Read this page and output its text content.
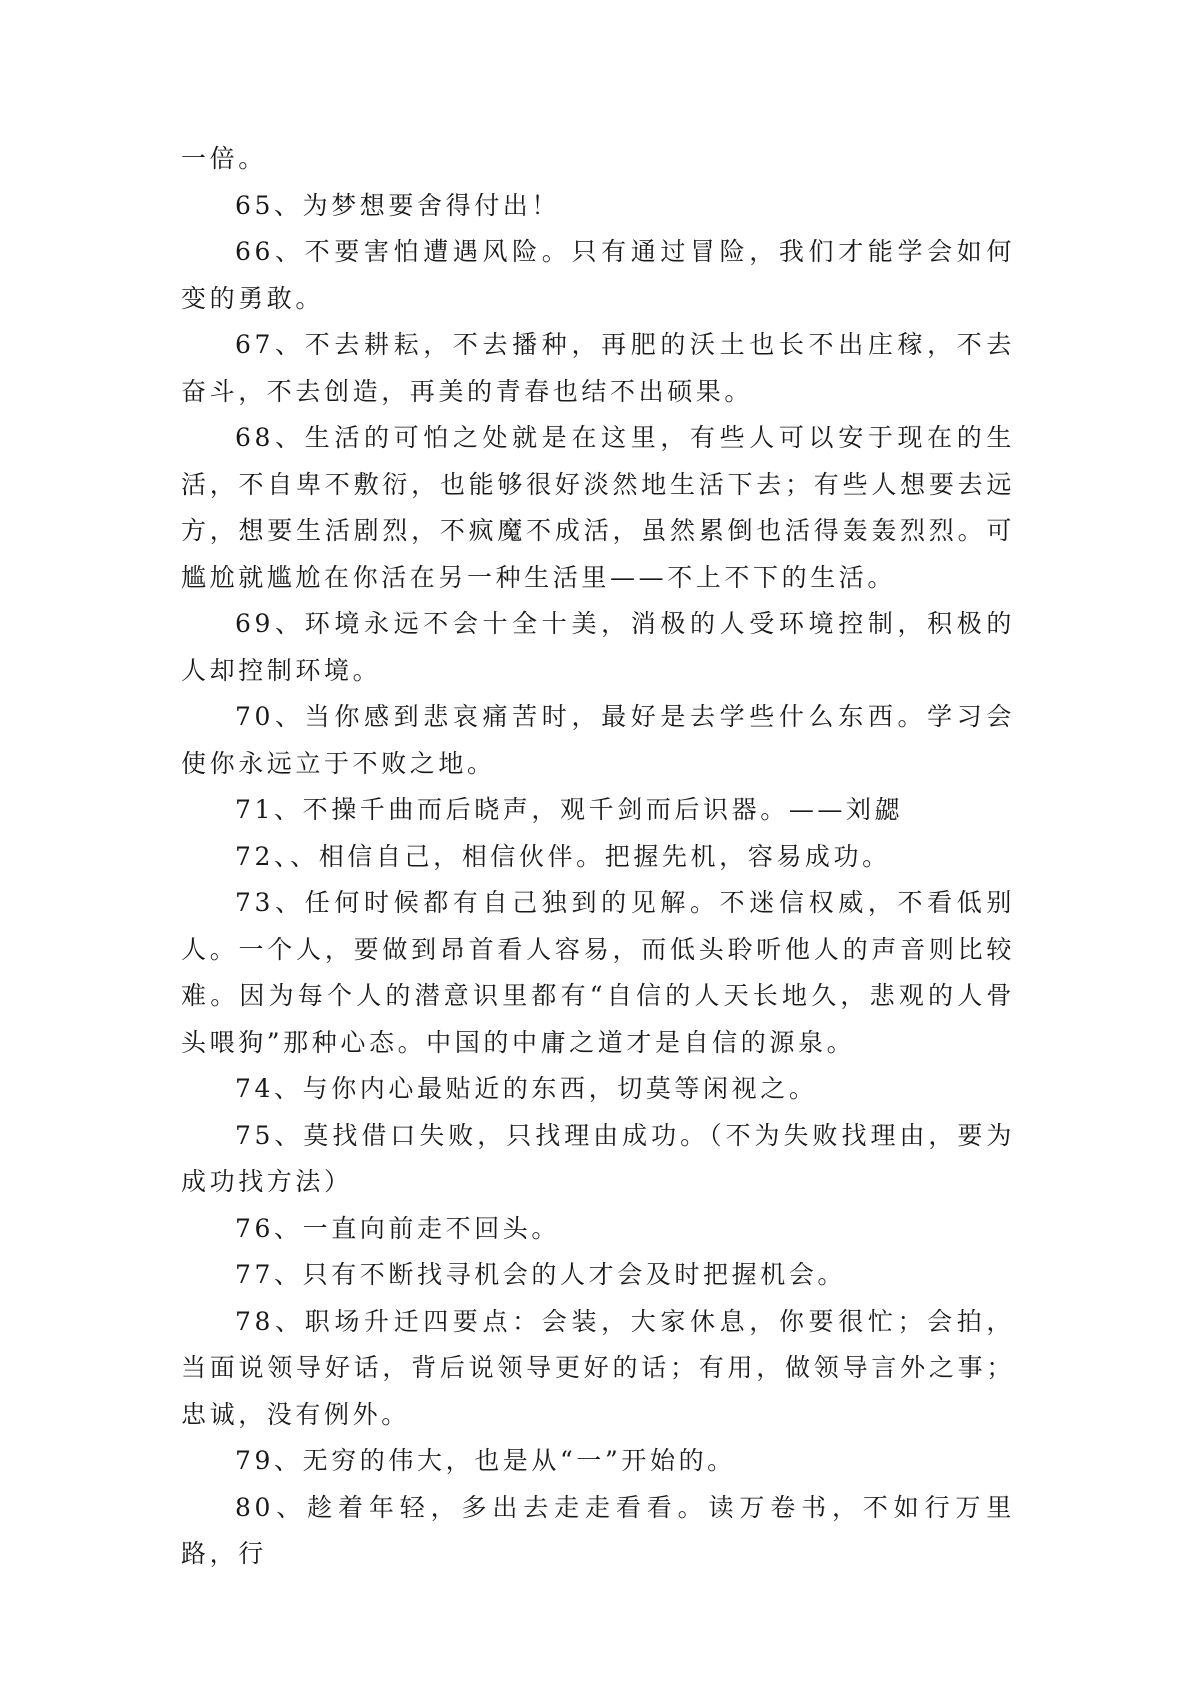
一倍。

65、为梦想要舍得付出！

66、不要害怕遭遇风险。只有通过冒险，我们才能学会如何变的勇敢。

67、不去耕耘，不去播种，再肥的沃土也长不出庄稼，不去奋斗，不去创造，再美的青春也结不出硕果。

68、生活的可怕之处就是在这里，有些人可以安于现在的生活，不自卑不敷衍，也能够很好淡然地生活下去；有些人想要去远方，想要生活剧烈，不疯魔不成活，虽然累倒也活得轰轰烈烈。可尴尬就尴尬在你活在另一种生活里——不上不下的生活。

69、环境永远不会十全十美，消极的人受环境控制，积极的人却控制环境。

70、当你感到悲哀痛苦时，最好是去学些什么东西。学习会使你永远立于不败之地。

71、不操千曲而后晓声，观千剑而后识器。——刘勰

72、、相信自己，相信伙伴。把握先机，容易成功。

73、任何时候都有自己独到的见解。不迷信权威，不看低别人。一个人，要做到昂首看人容易，而低头聆听他人的声音则比较难。因为每个人的潜意识里都有“自信的人天长地久，悲观的人骨头喂狗”那种心态。中国的中庸之道才是自信的源泉。

74、与你内心最贴近的东西，切莫等闲视之。

75、莫找借口失败，只找理由成功。（不为失败找理由，要为成功找方法）

76、一直向前走不回头。

77、只有不断找寻机会的人才会及时把握机会。

78、职场升迁四要点：会装，大家休息，你要很忙；会拍，当面说领导好话，背后说领导更好的话；有用，做领导言外之事；忠诚，没有例外。

79、无穷的伟大，也是从“一”开始的。

80、趁着年轻，多出去走走看看。读万卷书，不如行万里路，行
